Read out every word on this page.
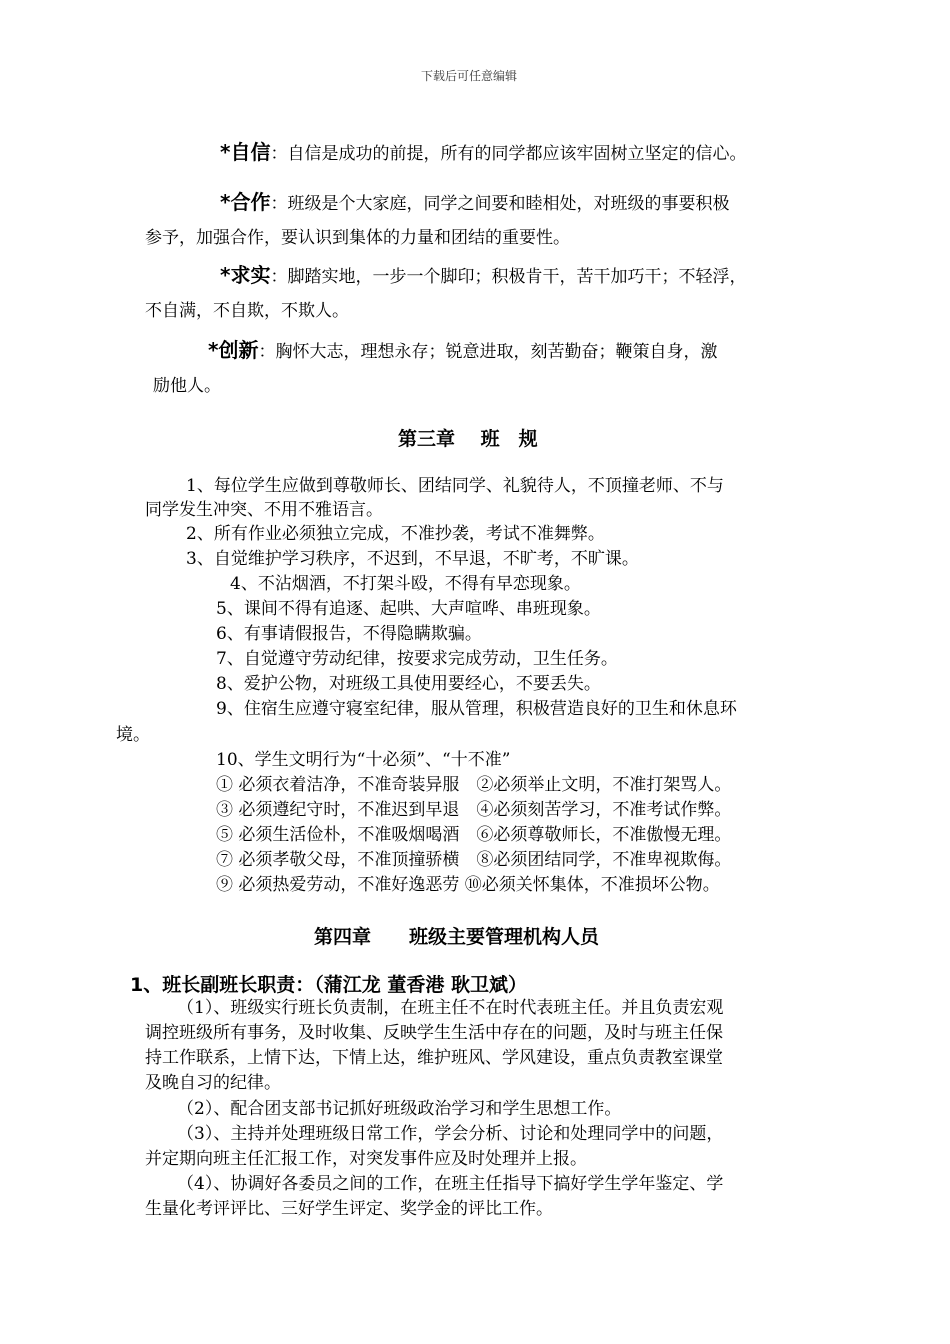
下载后可任意编辑
*自信：自信是成功的前提，所有的同学都应该牢固树立坚定的信心。
*合作：班级是个大家庭，同学之间要和睦相处，对班级的事要积极
参予，加强合作，要认识到集体的力量和团结的重要性。
*求实：脚踏实地，一步一个脚印；积极肯干，苦干加巧干；不轻浮，
不自满，不自欺，不欺人。
*创新：胸怀大志，理想永存；锐意进取，刻苦勤奋；鞭策自身，激
励他人。
第三章　 班　规
1、每位学生应做到尊敬师长、团结同学、礼貌待人，不顶撞老师、不与
同学发生冲突、不用不雅语言。
2、所有作业必须独立完成，不准抄袭，考试不准舞弊。
3、自觉维护学习秩序，不迟到，不早退，不旷考，不旷课。
4、不沾烟酒，不打架斗殴，不得有早恋现象。
5、课间不得有追逐、起哄、大声喧哗、串班现象。
6、有事请假报告，不得隐瞒欺骗。
7、自觉遵守劳动纪律，按要求完成劳动，卫生任务。
8、爱护公物，对班级工具使用要经心，不要丢失。
9、住宿生应遵守寝室纪律，服从管理，积极营造良好的卫生和休息环
境。
10、学生文明行为“十必须”、“十不准”
① 必须衣着洁净，不准奇装异服　②必须举止文明，不准打架骂人。
③ 必须遵纪守时，不准迟到早退　④必须刻苦学习，不准考试作弊。
⑤ 必须生活俭朴，不准吸烟喝酒　⑥必须尊敬师长，不准傲慢无理。
⑦ 必须孝敬父母，不准顶撞骄横　⑧必须团结同学，不准卑视欺侮。
⑨ 必须热爱劳动，不准好逸恶劳 ⑩必须关怀集体，不准损坏公物。
第四章　　班级主要管理机构人员
1、班长副班长职责：（蒲江龙 董香港 耿卫斌）
（1）、班级实行班长负责制，在班主任不在时代表班主任。并且负责宏观
调控班级所有事务，及时收集、反映学生生活中存在的问题，及时与班主任保
持工作联系，上情下达，下情上达，维护班风、学风建设，重点负责教室课堂
及晚自习的纪律。
（2）、配合团支部书记抓好班级政治学习和学生思想工作。
（3）、主持并处理班级日常工作，学会分析、讨论和处理同学中的问题，
并定期向班主任汇报工作，对突发事件应及时处理并上报。
（4）、协调好各委员之间的工作，在班主任指导下搞好学生学年鉴定、学
生量化考评评比、三好学生评定、奖学金的评比工作。
